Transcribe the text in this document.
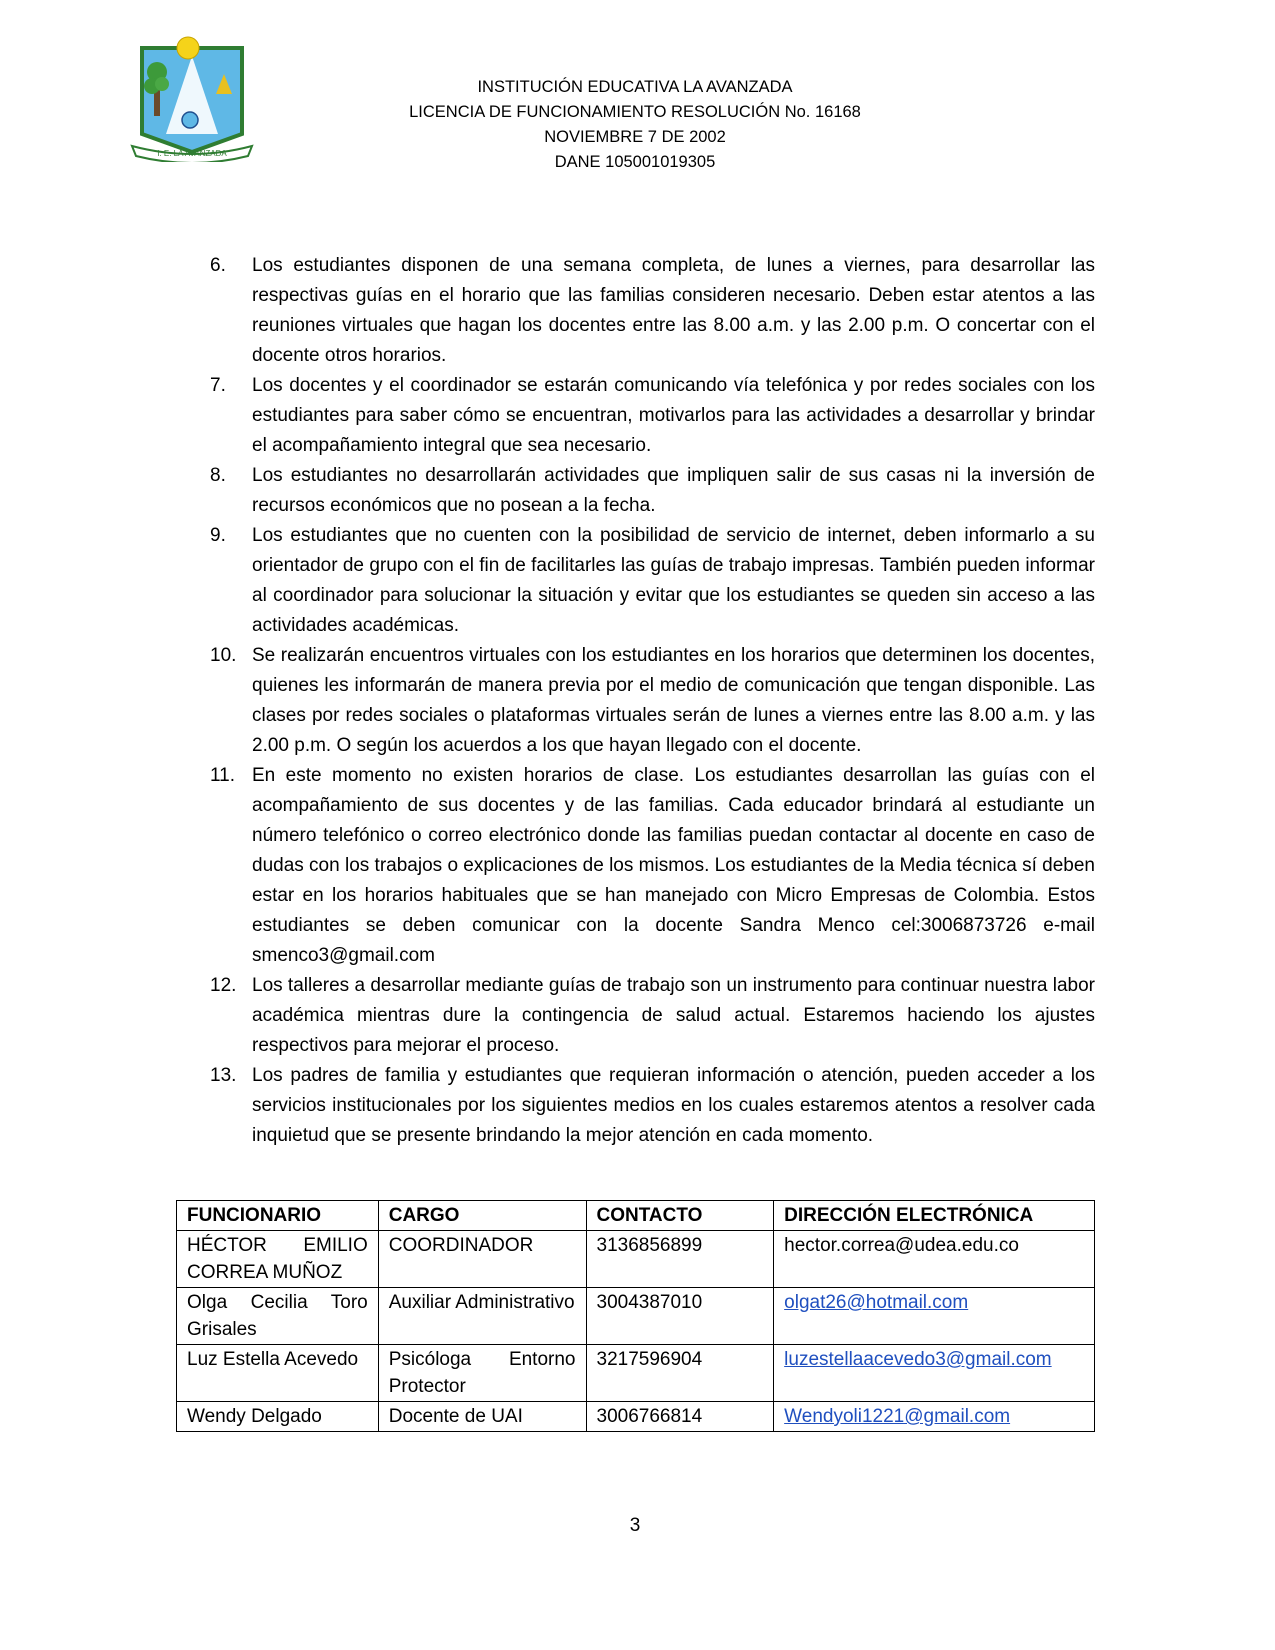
I. E. LA AVANZADA
INSTITUCIÓN EDUCATIVA LA AVANZADA
LICENCIA DE FUNCIONAMIENTO RESOLUCIÓN No. 16168
NOVIEMBRE 7 DE 2002
DANE 105001019305
6.	Los estudiantes disponen de una semana completa, de lunes a viernes, para desarrollar las respectivas guías en el horario que las familias consideren necesario. Deben estar atentos a las reuniones virtuales que hagan los docentes entre las 8.00 a.m. y las 2.00 p.m. O concertar con el docente otros horarios.
7.	Los docentes y el coordinador se estarán comunicando vía telefónica y por redes sociales con los estudiantes para saber cómo se encuentran, motivarlos para las actividades a desarrollar y brindar el acompañamiento integral que sea necesario.
8.	Los estudiantes no desarrollarán actividades que impliquen salir de sus casas ni la inversión de recursos económicos que no posean a la fecha.
9.	Los estudiantes que no cuenten con la posibilidad de servicio de internet, deben informarlo a su orientador de grupo con el fin de facilitarles las guías de trabajo impresas. También pueden informar al coordinador para solucionar la situación y evitar que los estudiantes se queden sin acceso a las actividades académicas.
10. Se realizarán encuentros virtuales con los estudiantes en los horarios que determinen los docentes, quienes les informarán de manera previa por el medio de comunicación que tengan disponible. Las clases por redes sociales o plataformas virtuales serán de lunes a viernes entre las 8.00 a.m. y las 2.00 p.m. O según los acuerdos a los que hayan llegado con el docente.
11. En este momento no existen horarios de clase. Los estudiantes desarrollan las guías con el acompañamiento de sus docentes y de las familias. Cada educador brindará al estudiante un número telefónico o correo electrónico donde las familias puedan contactar al docente en caso de dudas con los trabajos o explicaciones de los mismos. Los estudiantes de la Media técnica sí deben estar en los horarios habituales que se han manejado con Micro Empresas de Colombia. Estos estudiantes se deben comunicar con la docente Sandra Menco cel:3006873726 e-mail smenco3@gmail.com
12. Los talleres a desarrollar mediante guías de trabajo son un instrumento para continuar nuestra labor académica mientras dure la contingencia de salud actual. Estaremos haciendo los ajustes respectivos para mejorar el proceso.
13. Los padres de familia y estudiantes que requieran información o atención, pueden acceder a los servicios institucionales por los siguientes medios en los cuales estaremos atentos a resolver cada inquietud que se presente brindando la mejor atención en cada momento.
FUNCIONARIO	CARGO	CONTACTO	DIRECCIÓN ELECTRÓNICA
HÉCTOR EMILIO CORREA MUÑOZ	COORDINADOR	3136856899	hector.correa@udea.edu.co
Olga Cecilia Toro Grisales	Auxiliar Administrativo	3004387010	olgat26@hotmail.com
Luz Estella Acevedo	Psicóloga Entorno Protector	3217596904	luzestellaacevedo3@gmail.com
Wendy Delgado	Docente de UAI	3006766814	Wendyoli1221@gmail.com
3
